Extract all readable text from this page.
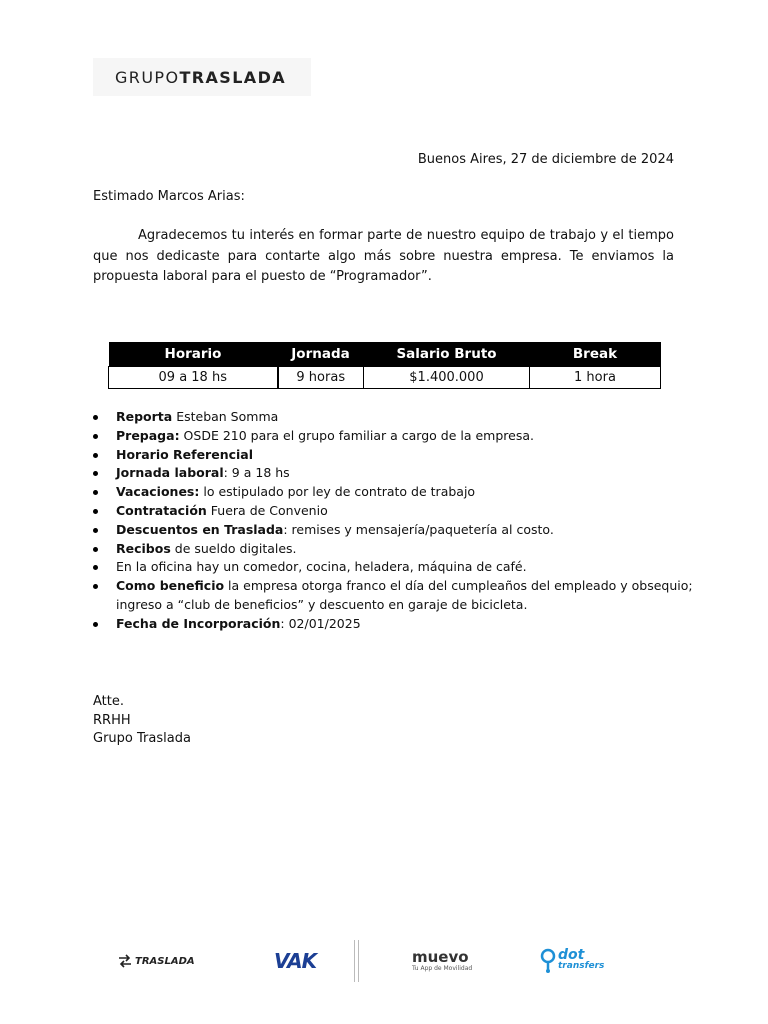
GRUPOTRASLADA
Buenos Aires, 27 de diciembre de 2024
Estimado Marcos Arias:
Agradecemos tu interés en formar parte de nuestro equipo de trabajo y el tiempo que nos dedicaste para contarte algo más sobre nuestra empresa. Te enviamos la propuesta laboral para el puesto de “Programador”.
Horario	Jornada	Salario Bruto	Break
09 a 18 hs	9 horas	$1.400.000	1 hora
Reporta Esteban Somma
Prepaga: OSDE 210 para el grupo familiar a cargo de la empresa.
Horario Referencial
Jornada laboral: 9 a 18 hs
Vacaciones: lo estipulado por ley de contrato de trabajo
Contratación Fuera de Convenio
Descuentos en Traslada: remises y mensajería/paquetería al costo.
Recibos de sueldo digitales.
En la oficina hay un comedor, cocina, heladera, máquina de café.
Como beneficio la empresa otorga franco el día del cumpleaños del empleado y obsequio; ingreso a “club de beneficios” y descuento en garaje de bicicleta.
Fecha de Incorporación: 02/01/2025
Atte.
RRHH
Grupo Traslada
TRASLADA	VAK	muevo
Tu App de Movilidad
dot
transfers
